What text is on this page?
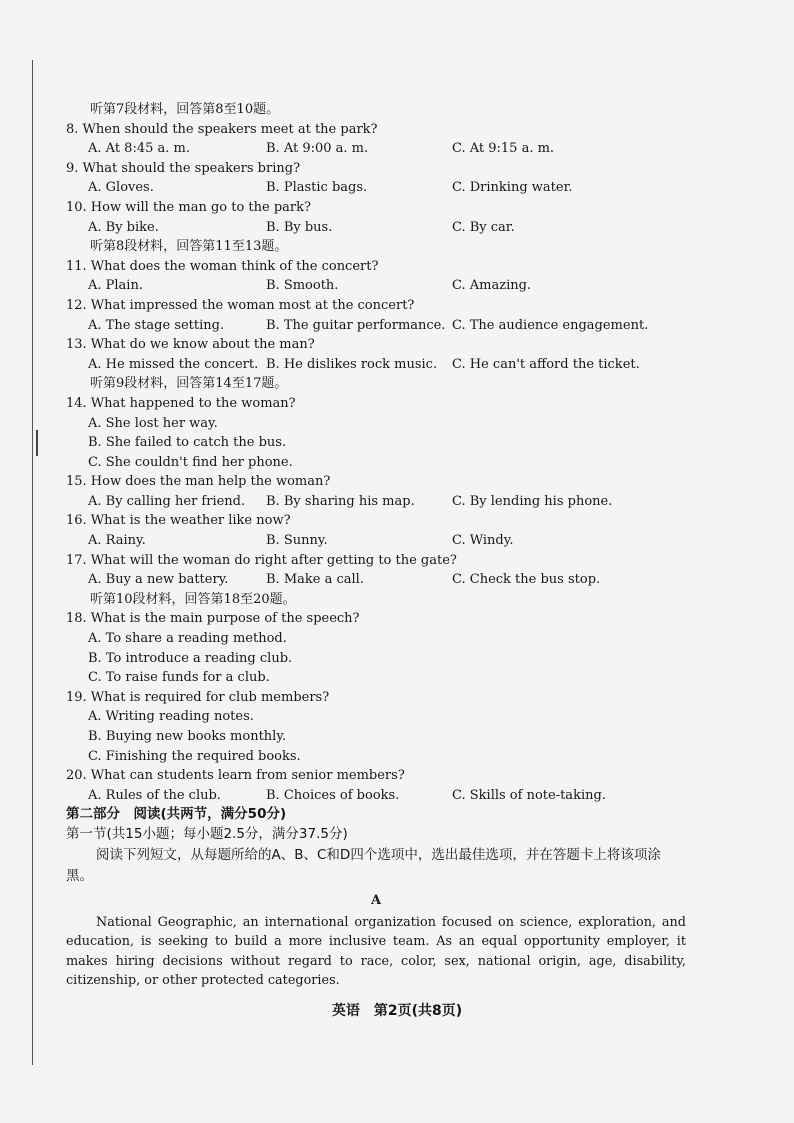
听第7段材料，回答第8至10题。
8. When should the speakers meet at the park?
A. At 8:45 a. m.	B. At 9:00 a. m.	C. At 9:15 a. m.
9. What should the speakers bring?
A. Gloves.	B. Plastic bags.	C. Drinking water.
10. How will the man go to the park?
A. By bike.	B. By bus.	C. By car.
听第8段材料，回答第11至13题。
11. What does the woman think of the concert?
A. Plain.	B. Smooth.	C. Amazing.
12. What impressed the woman most at the concert?
A. The stage setting.	B. The guitar performance. C. The audience engagement.
13. What do we know about the man?
A. He missed the concert. B. He dislikes rock music.	C. He can't afford the ticket.
听第9段材料，回答第14至17题。
14. What happened to the woman?
A. She lost her way.
B. She failed to catch the bus.
C. She couldn't find her phone.
15. How does the man help the woman?
A. By calling her friend.	B. By sharing his map.	C. By lending his phone.
16. What is the weather like now?
A. Rainy.	B. Sunny.	C. Windy.
17. What will the woman do right after getting to the gate?
A. Buy a new battery.	B. Make a call.	C. Check the bus stop.
听第10段材料，回答第18至20题。
18. What is the main purpose of the speech?
A. To share a reading method.
B. To introduce a reading club.
C. To raise funds for a club.
19. What is required for club members?
A. Writing reading notes.
B. Buying new books monthly.
C. Finishing the required books.
20. What can students learn from senior members?
A. Rules of the club.	B. Choices of books.	C. Skills of note-taking.
第二部分　阅读(共两节，满分50分)
第一节(共15小题；每小题2.5分，满分37.5分)
阅读下列短文，从每题所给的A、B、C和D四个选项中，选出最佳选项，并在答题卡上将该项涂黑。
A
National Geographic, an international organization focused on science, exploration, and education, is seeking to build a more inclusive team. As an equal opportunity employer, it makes hiring decisions without regard to race, color, sex, national origin, age, disability, citizenship, or other protected categories.
英语　第2页(共8页)
